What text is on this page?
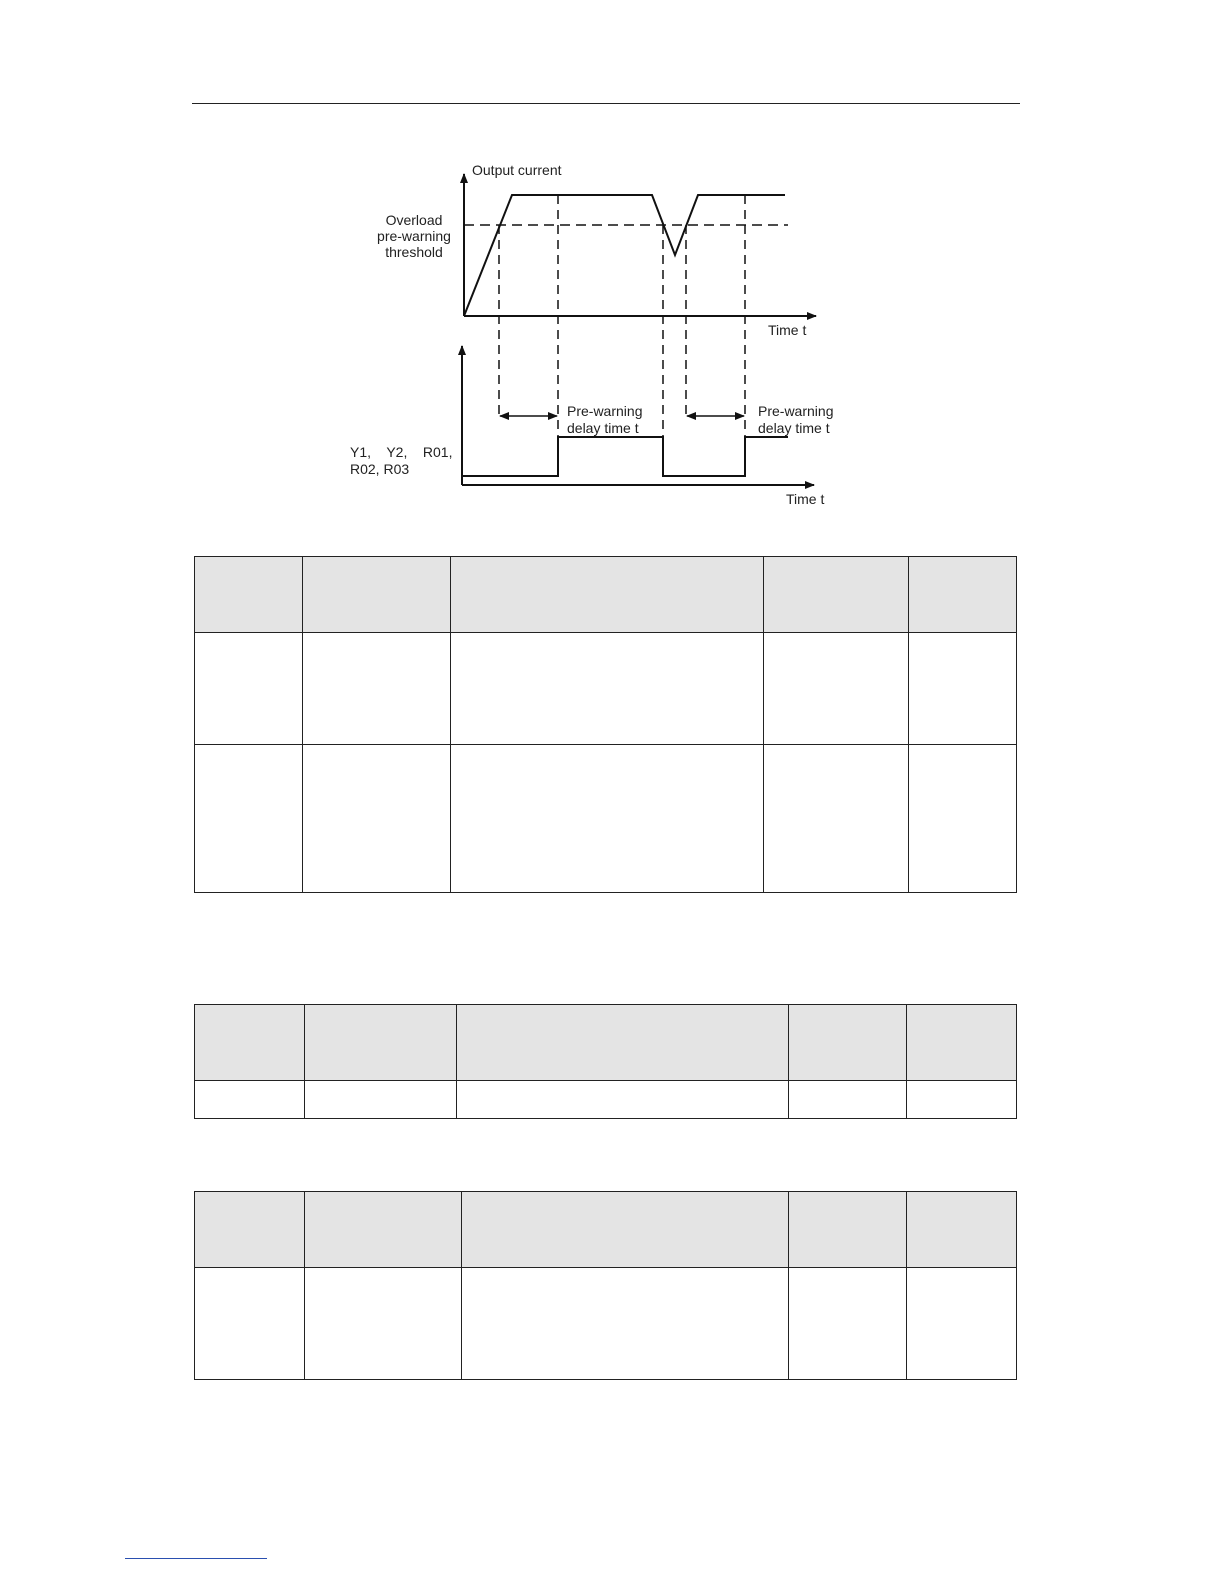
Output current
Overload
pre-warning
threshold
Time t
Pre-warning
delay time t
Pre-warning
delay time t
Y1,    Y2,    R01,
R02, R03
Time t
